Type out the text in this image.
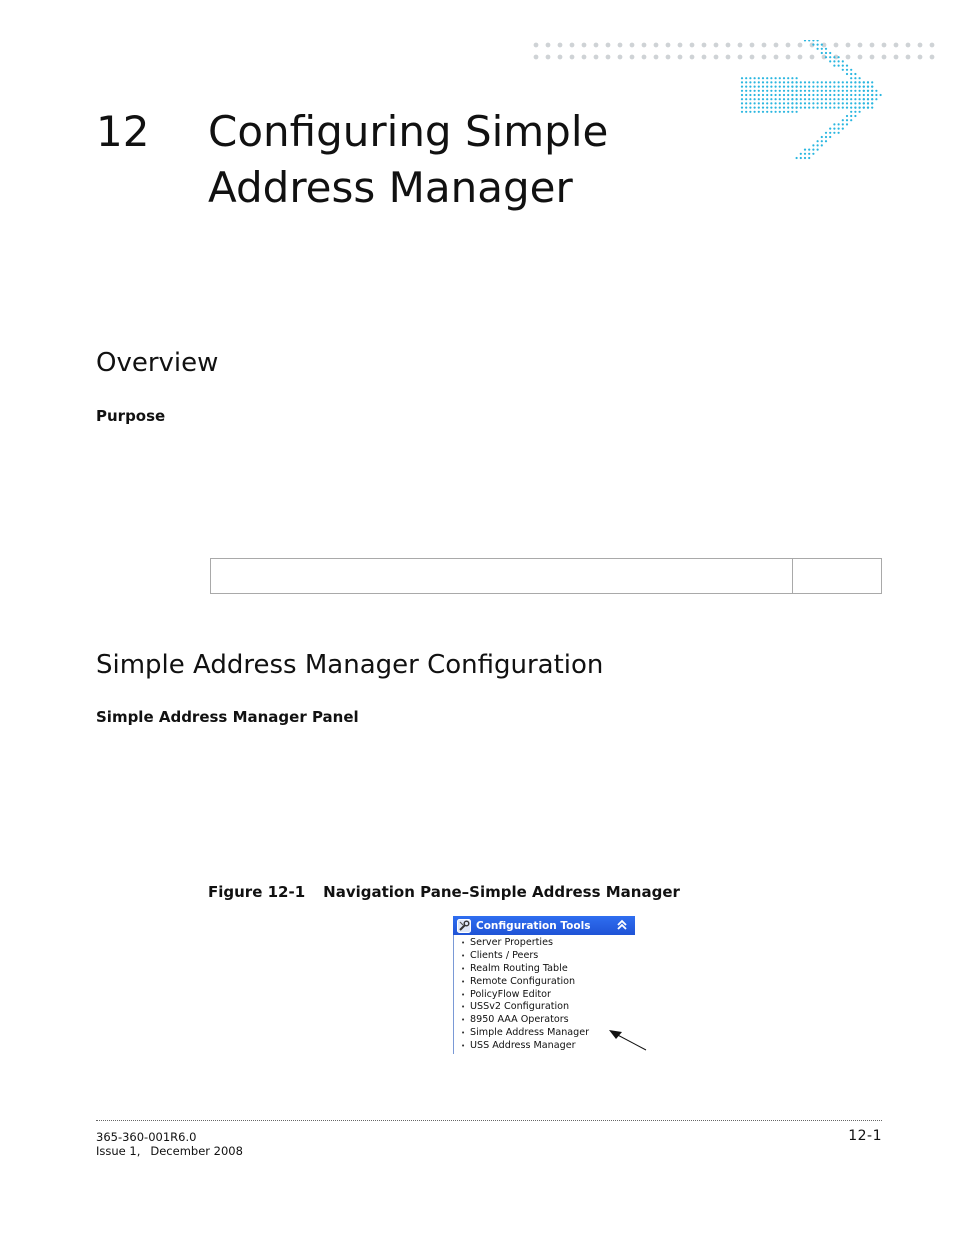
12 Configuring Simple
Address Manager
Overview
Purpose
Simple Address Manager Configuration
Simple Address Manager Panel
Figure 12-1 Navigation Pane–Simple Address Manager
Configuration Tools
• Server Properties
• Clients / Peers
• Realm Routing Table
• Remote Configuration
• PolicyFlow Editor
• USSv2 Configuration
• 8950 AAA Operators
• Simple Address Manager
• USS Address Manager
365-360-001R6.0
Issue 1, December 2008
12-1
